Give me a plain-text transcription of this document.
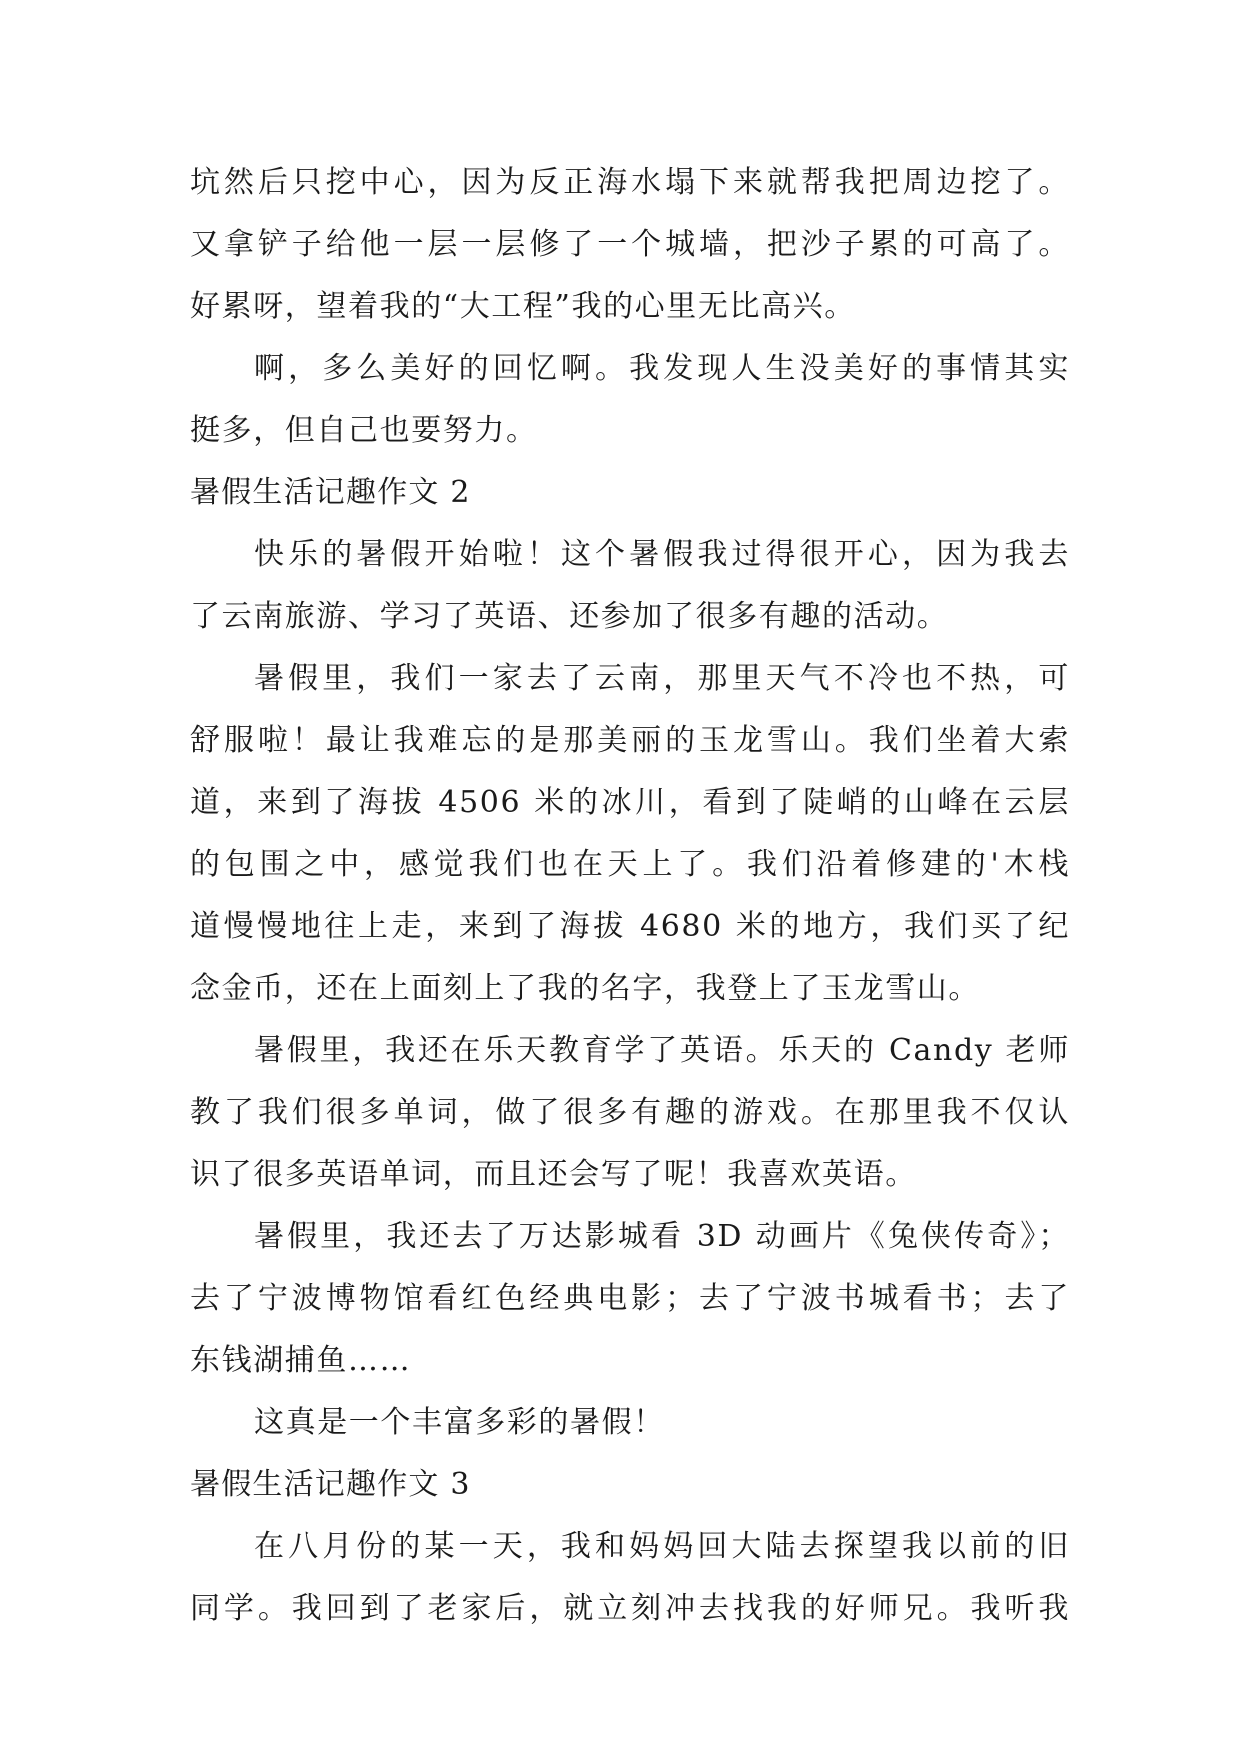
坑然后只挖中心，因为反正海水塌下来就帮我把周边挖了。
又拿铲子给他一层一层修了一个城墙，把沙子累的可高了。
好累呀，望着我的“大工程”我的心里无比高兴。
啊，多么美好的回忆啊。我发现人生没美好的事情其实
挺多，但自己也要努力。
暑假生活记趣作文 2
快乐的暑假开始啦！这个暑假我过得很开心，因为我去
了云南旅游、学习了英语、还参加了很多有趣的活动。
暑假里，我们一家去了云南，那里天气不冷也不热，可
舒服啦！最让我难忘的是那美丽的玉龙雪山。我们坐着大索
道，来到了海拔 4506 米的冰川，看到了陡峭的山峰在云层
的包围之中，感觉我们也在天上了。我们沿着修建的'木栈
道慢慢地往上走，来到了海拔 4680 米的地方，我们买了纪
念金币，还在上面刻上了我的名字，我登上了玉龙雪山。
暑假里，我还在乐天教育学了英语。乐天的 Candy 老师
教了我们很多单词，做了很多有趣的游戏。在那里我不仅认
识了很多英语单词，而且还会写了呢！我喜欢英语。
暑假里，我还去了万达影城看 3D 动画片《兔侠传奇》；
去了宁波博物馆看红色经典电影；去了宁波书城看书；去了
东钱湖捕鱼……
这真是一个丰富多彩的暑假！
暑假生活记趣作文 3
在八月份的某一天，我和妈妈回大陆去探望我以前的旧
同学。我回到了老家后，就立刻冲去找我的好师兄。我听我
